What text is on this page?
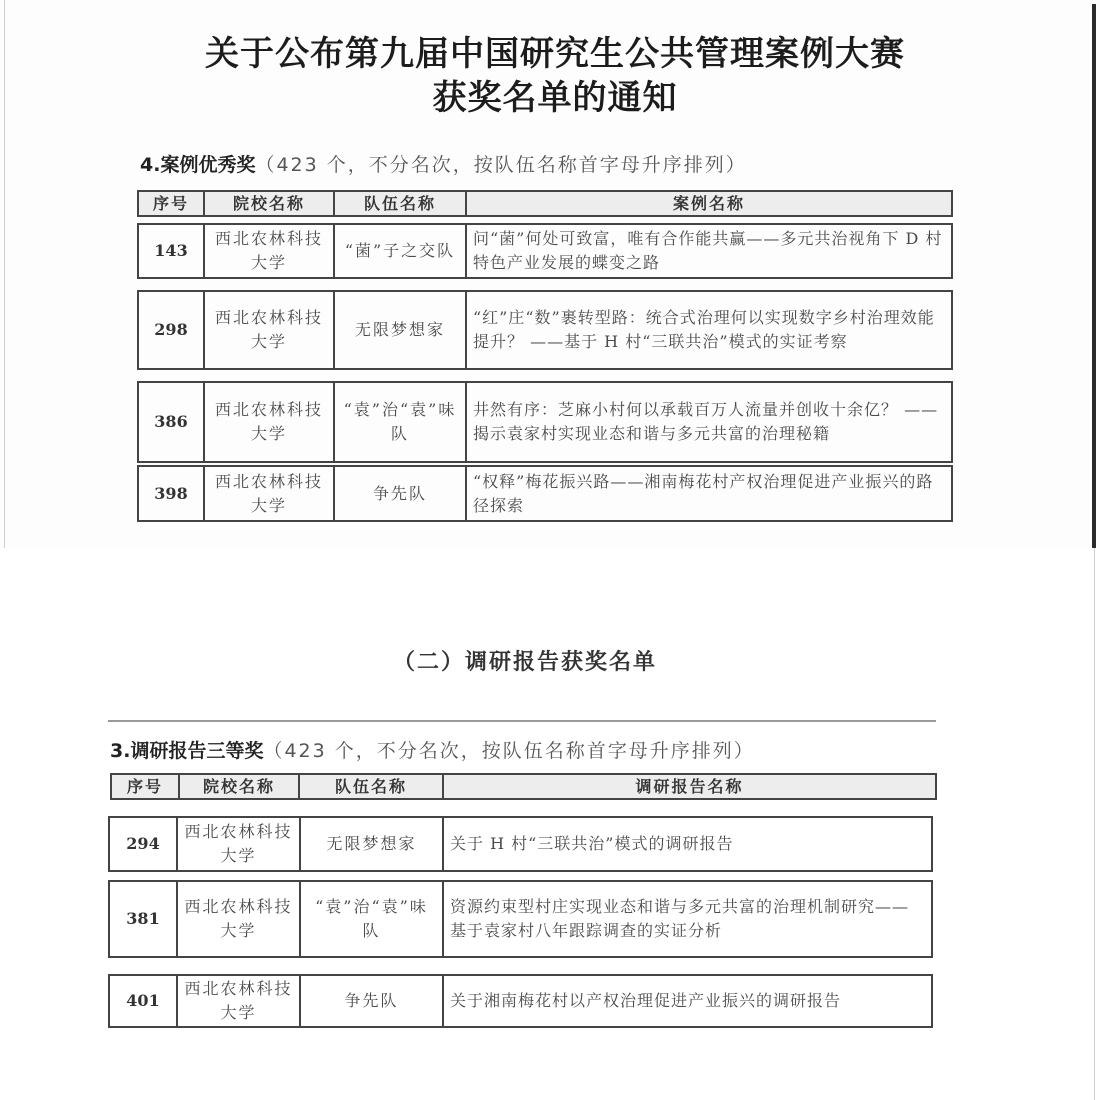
关于公布第九届中国研究生公共管理案例大赛
获奖名单的通知
4.案例优秀奖（423 个，不分名次，按队伍名称首字母升序排列）
序号	院校名称	队伍名称	案例名称
143	西北农林科技大学	“菌”子之交队	问“菌”何处可致富，唯有合作能共赢——多元共治视角下 D 村特色产业发展的蝶变之路
298	西北农林科技大学	无限梦想家	“红”庄“数”裹转型路：统合式治理何以实现数字乡村治理效能提升？ ——基于 H 村“三联共治”模式的实证考察
386	西北农林科技大学	“袁”治“袁”味队	井然有序：芝麻小村何以承载百万人流量并创收十余亿？ ——揭示袁家村实现业态和谐与多元共富的治理秘籍
398	西北农林科技大学	争先队	“权释”梅花振兴路——湘南梅花村产权治理促进产业振兴的路径探索
（二）调研报告获奖名单
3.调研报告三等奖（423 个，不分名次，按队伍名称首字母升序排列）
序号	院校名称	队伍名称	调研报告名称
294	西北农林科技大学	无限梦想家	关于 H 村“三联共治”模式的调研报告
381	西北农林科技大学	“袁”治“袁”味队	资源约束型村庄实现业态和谐与多元共富的治理机制研究——基于袁家村八年跟踪调查的实证分析
401	西北农林科技大学	争先队	关于湘南梅花村以产权治理促进产业振兴的调研报告
